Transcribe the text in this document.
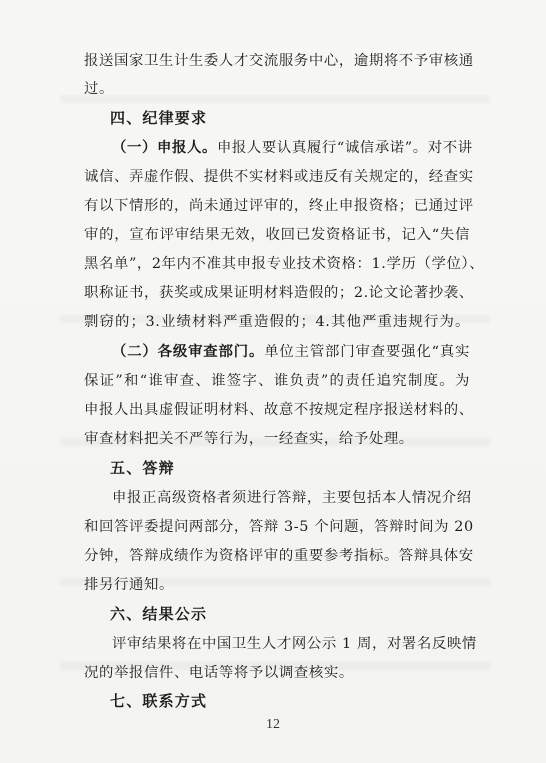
报送国家卫生计生委人才交流服务中心，逾期将不予审核通
过。
四、纪律要求
（一）申报人。申报人要认真履行“诚信承诺”。对不讲
诚信、弄虚作假、提供不实材料或违反有关规定的，经查实
有以下情形的，尚未通过评审的，终止申报资格；已通过评
审的，宣布评审结果无效，收回已发资格证书，记入“失信
黑名单”，2年内不准其申报专业技术资格：1.学历（学位）、
职称证书，获奖或成果证明材料造假的；2.论文论著抄袭、
剽窃的；3.业绩材料严重造假的；4.其他严重违规行为。
（二）各级审查部门。单位主管部门审查要强化“真实
保证”和“谁审查、谁签字、谁负责”的责任追究制度。为
申报人出具虚假证明材料、故意不按规定程序报送材料的、
审查材料把关不严等行为，一经查实，给予处理。
五、答辩
申报正高级资格者须进行答辩，主要包括本人情况介绍
和回答评委提问两部分，答辩 3-5 个问题，答辩时间为 20
分钟，答辩成绩作为资格评审的重要参考指标。答辩具体安
排另行通知。
六、结果公示
评审结果将在中国卫生人才网公示 1 周，对署名反映情
况的举报信件、电话等将予以调查核实。
七、联系方式
12
